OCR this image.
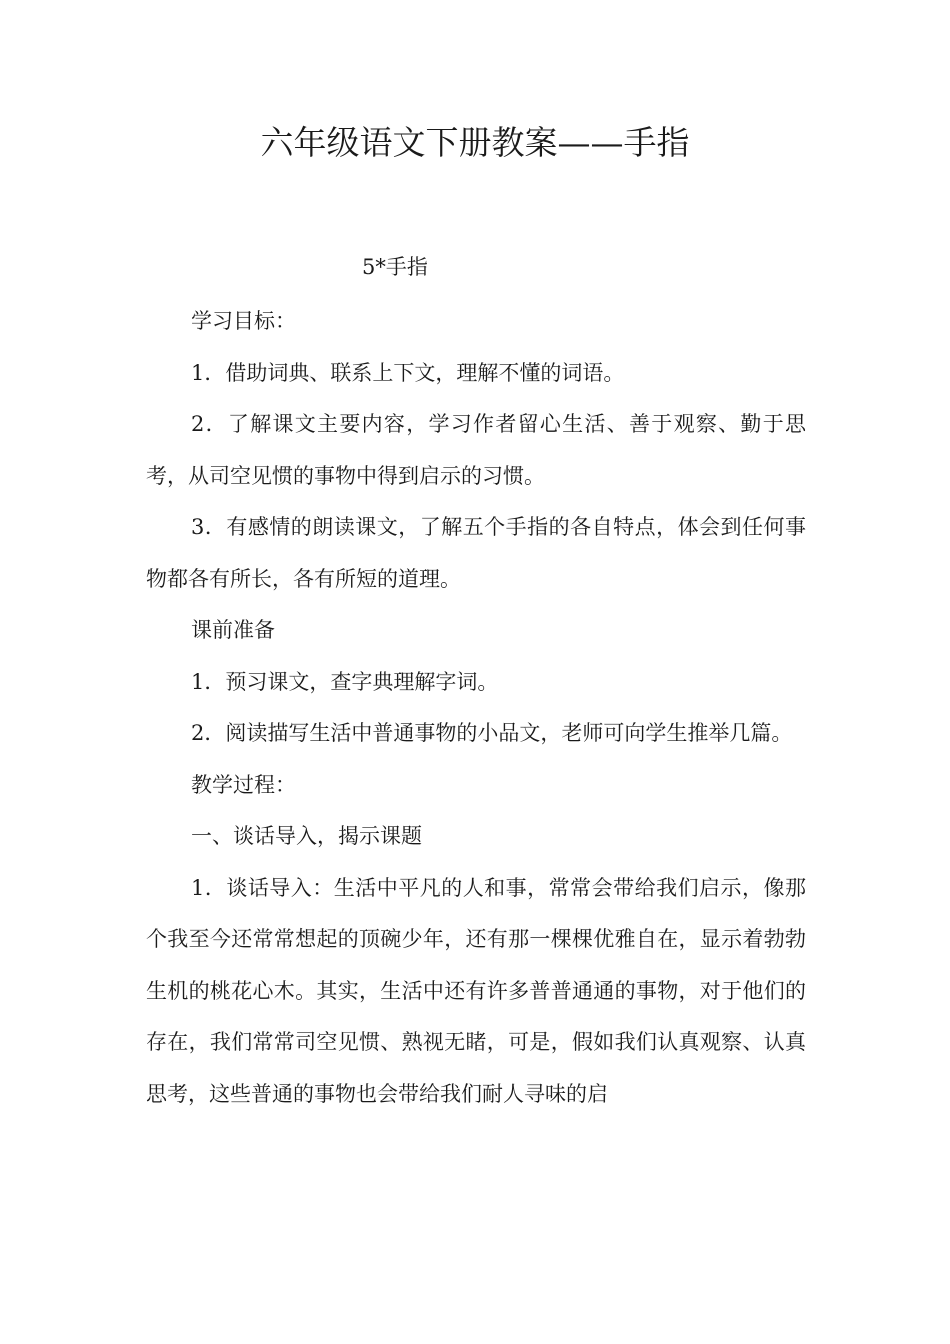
六年级语文下册教案——手指

5*手指

学习目标：

1．借助词典、联系上下文，理解不懂的词语。

2．了解课文主要内容，学习作者留心生活、善于观察、勤于思考，从司空见惯的事物中得到启示的习惯。

3．有感情的朗读课文，了解五个手指的各自特点，体会到任何事物都各有所长，各有所短的道理。

课前准备

1．预习课文，查字典理解字词。

2．阅读描写生活中普通事物的小品文，老师可向学生推举几篇。

教学过程：

一、谈话导入，揭示课题

1．谈话导入：生活中平凡的人和事，常常会带给我们启示，像那个我至今还常常想起的顶碗少年，还有那一棵棵优雅自在，显示着勃勃生机的桃花心木。其实，生活中还有许多普普通通的事物，对于他们的存在，我们常常司空见惯、熟视无睹，可是，假如我们认真观察、认真思考，这些普通的事物也会带给我们耐人寻味的启
